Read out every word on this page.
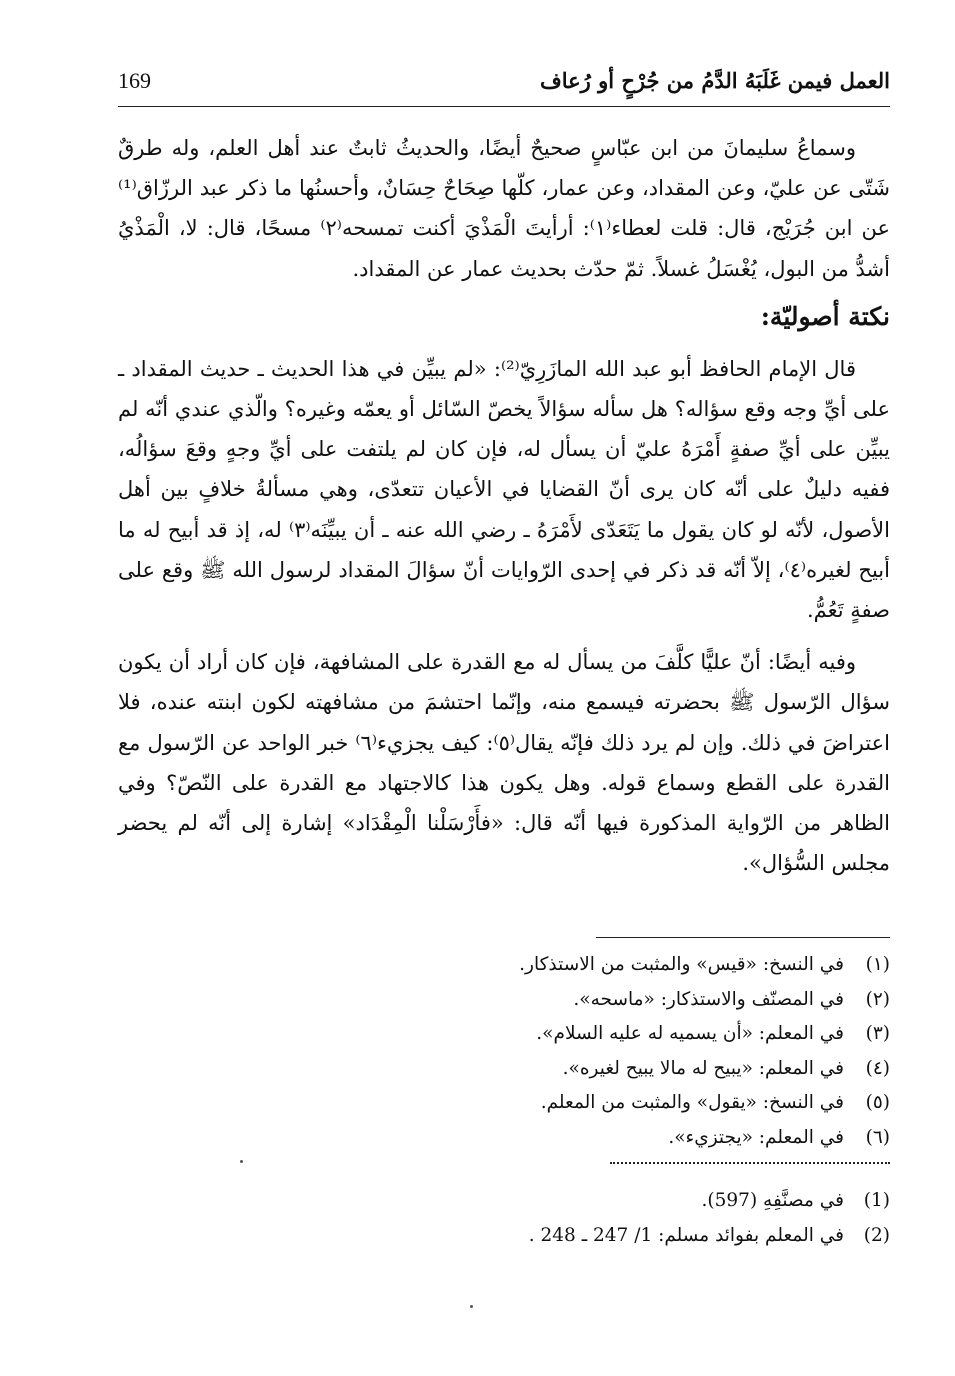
169	العمل فيمن غَلَبَهُ الدَّمُ من جُرْحٍ أو رُعاف

وسماعُ سليمانَ من ابن عبّاسٍ صحيحٌ أيضًا، والحديثُ ثابتٌ عند أهل العلم، وله طرقٌ شَتّى عن عليّ، وعن المقداد، وعن عمار، كلّها صِحَاحٌ حِسَانٌ، وأحسنُها ما ذكر عبد الرزّاق⁽¹⁾ عن ابن جُرَيْج، قال: قلت لعطاء⁽١⁾: أرأيتَ الْمَذْيَ أكنت تمسحه⁽٢⁾ مسحًا، قال: لا، الْمَذْيُ أشدُّ من البول، يُغْسَلُ غسلاً. ثمّ حدّث بحديث عمار عن المقداد.

نكتة أصوليّة:

قال الإمام الحافظ أبو عبد الله المازَرِيّ⁽²⁾: «لم يبيِّن في هذا الحديث ـ حديث المقداد ـ على أيِّ وجه وقع سؤاله؟ هل سأله سؤالاً يخصّ السّائل أو يعمّه وغيره؟ والّذي عندي أنّه لم يبيِّن على أيِّ صفةٍ أَمْرَهُ عليّ أن يسأل له، فإن كان لم يلتفت على أيِّ وجهٍ وقعَ سؤالُه، ففيه دليلٌ على أنّه كان يرى أنّ القضايا في الأعيان تتعدّى، وهي مسألةُ خلافٍ بين أهل الأصول، لأنّه لو كان يقول ما يَتَعَدّى لأَمْرَهُ ـ رضي الله عنه ـ أن يبيِّنَه⁽٣⁾ له، إذ قد أبيح له ما أبيح لغيره⁽٤⁾، إلاّ أنّه قد ذكر في إحدى الرّوايات أنّ سؤالَ المقداد لرسول الله ﷺ وقع على صفةٍ تَعُمُّ.

وفيه أيضًا: أنّ عليًّا كلَّفَ من يسأل له مع القدرة على المشافهة، فإن كان أراد أن يكون سؤال الرّسول ﷺ بحضرته فيسمع منه، وإنّما احتشمَ من مشافهته لكون ابنته عنده، فلا اعتراضَ في ذلك. وإن لم يرد ذلك فإنّه يقال⁽٥⁾: كيف يجزيء⁽٦⁾ خبر الواحد عن الرّسول مع القدرة على القطع وسماع قوله. وهل يكون هذا كالاجتهاد مع القدرة على النّصّ؟ وفي الظاهر من الرّواية المذكورة فيها أنّه قال: «فأَرْسَلْنا الْمِقْدَاد» إشارة إلى أنّه لم يحضر مجلس السُّؤال».

(١)
في النسخ: «قيس» والمثبت من الاستذكار.
(٢)
في المصنّف والاستذكار: «ماسحه».
(٣)
في المعلم: «أن يسميه له عليه السلام».
(٤)
في المعلم: «يبيح له مالا يبيح لغيره».
(٥)
في النسخ: «يقول» والمثبت من المعلم.
(٦)
في المعلم: «يجتزيء».
(1)
في مصنَّفِهِ (597).
(2)
في المعلم بفوائد مسلم: 1/ 247 ـ 248 .
